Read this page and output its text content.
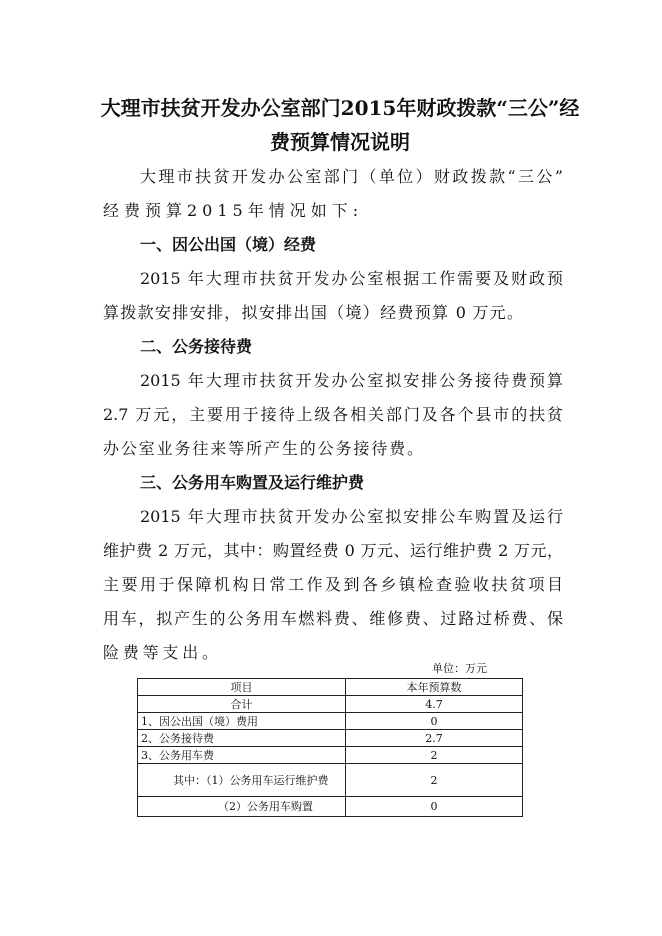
大理市扶贫开发办公室部门2015年财政拨款“三公”经
费预算情况说明
大理市扶贫开发办公室部门（单位）财政拨款“三公”
经费预算2015年情况如下:
一、因公出国（境）经费
2015 年大理市扶贫开发办公室根据工作需要及财政预
算拨款安排安排，拟安排出国（境）经费预算 0 万元。
二、公务接待费
2015 年大理市扶贫开发办公室拟安排公务接待费预算
2.7 万元，主要用于接待上级各相关部门及各个县市的扶贫
办公室业务往来等所产生的公务接待费。
三、公务用车购置及运行维护费
2015 年大理市扶贫开发办公室拟安排公车购置及运行
维护费 2 万元，其中：购置经费 0 万元、运行维护费 2 万元，
主要用于保障机构日常工作及到各乡镇检查验收扶贫项目
用车，拟产生的公务用车燃料费、维修费、过路过桥费、保
险费等支出。
单位：万元
项目	本年预算数
合计	4.7
1、因公出国（境）费用	0
2、公务接待费	2.7
3、公务用车费	2
其中：（1）公务用车运行维护费	2
（2）公务用车购置	0
